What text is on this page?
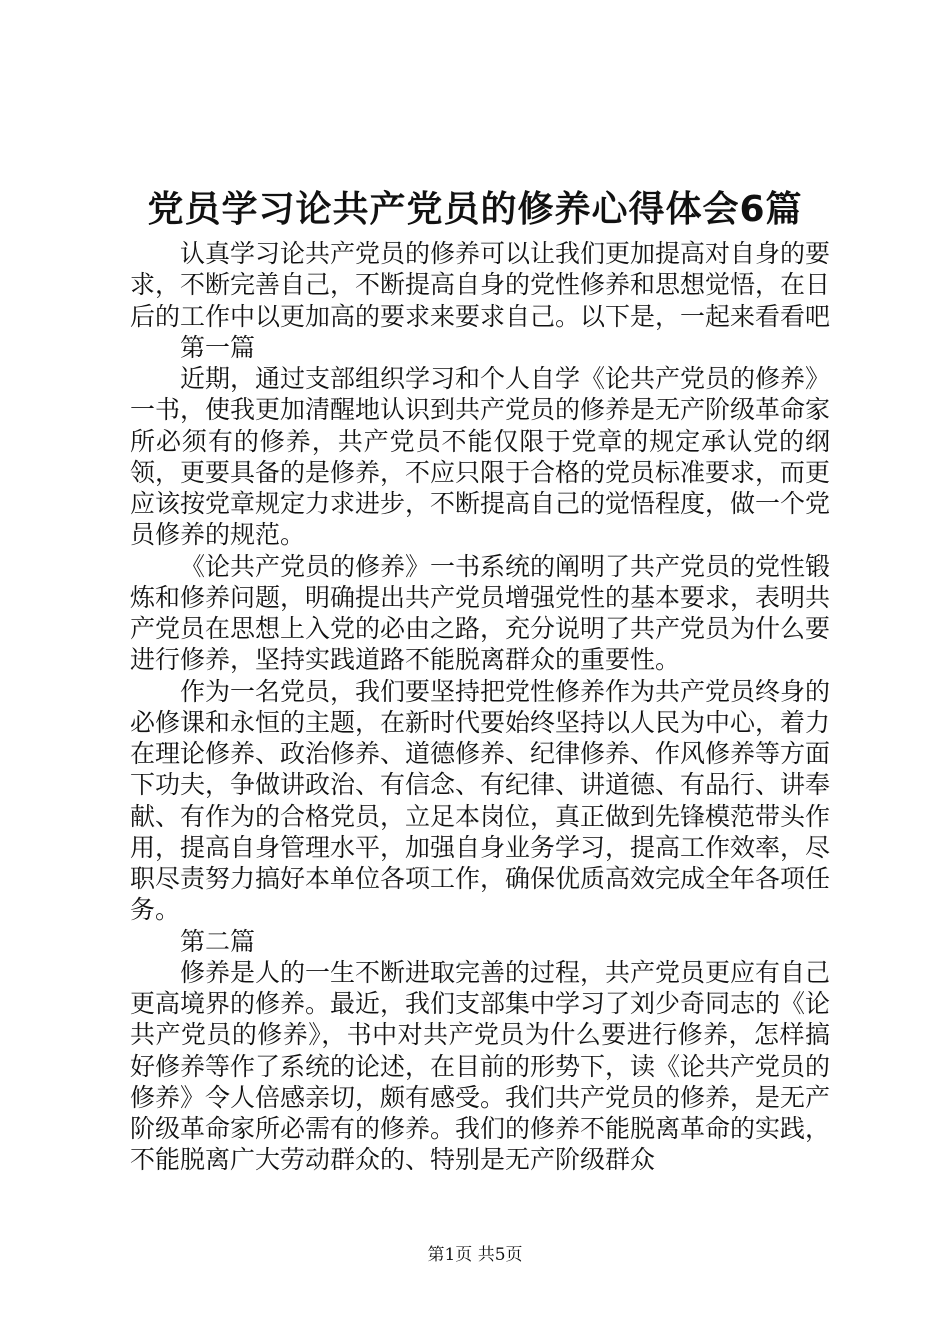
党员学习论共产党员的修养心得体会6篇

认真学习论共产党员的修养可以让我们更加提高对自身的要求，不断完善自己，不断提高自身的党性修养和思想觉悟，在日后的工作中以更加高的要求来要求自己。以下是，一起来看看吧

第一篇

近期，通过支部组织学习和个人自学《论共产党员的修养》一书，使我更加清醒地认识到共产党员的修养是无产阶级革命家所必须有的修养，共产党员不能仅限于党章的规定承认党的纲领，更要具备的是修养，不应只限于合格的党员标准要求，而更应该按党章规定力求进步，不断提高自己的觉悟程度，做一个党员修养的规范。

《论共产党员的修养》一书系统的阐明了共产党员的党性锻炼和修养问题，明确提出共产党员增强党性的基本要求，表明共产党员在思想上入党的必由之路，充分说明了共产党员为什么要进行修养，坚持实践道路不能脱离群众的重要性。

作为一名党员，我们要坚持把党性修养作为共产党员终身的必修课和永恒的主题，在新时代要始终坚持以人民为中心，着力在理论修养、政治修养、道德修养、纪律修养、作风修养等方面下功夫，争做讲政治、有信念、有纪律、讲道德、有品行、讲奉献、有作为的合格党员，立足本岗位，真正做到先锋模范带头作用，提高自身管理水平，加强自身业务学习，提高工作效率，尽职尽责努力搞好本单位各项工作，确保优质高效完成全年各项任务。

第二篇

修养是人的一生不断进取完善的过程，共产党员更应有自己更高境界的修养。最近，我们支部集中学习了刘少奇同志的《论共产党员的修养》，书中对共产党员为什么要进行修养，怎样搞好修养等作了系统的论述，在目前的形势下，读《论共产党员的修养》令人倍感亲切，颇有感受。我们共产党员的修养，是无产阶级革命家所必需有的修养。我们的修养不能脱离革命的实践，不能脱离广大劳动群众的、特别是无产阶级群众

第1页 共5页
